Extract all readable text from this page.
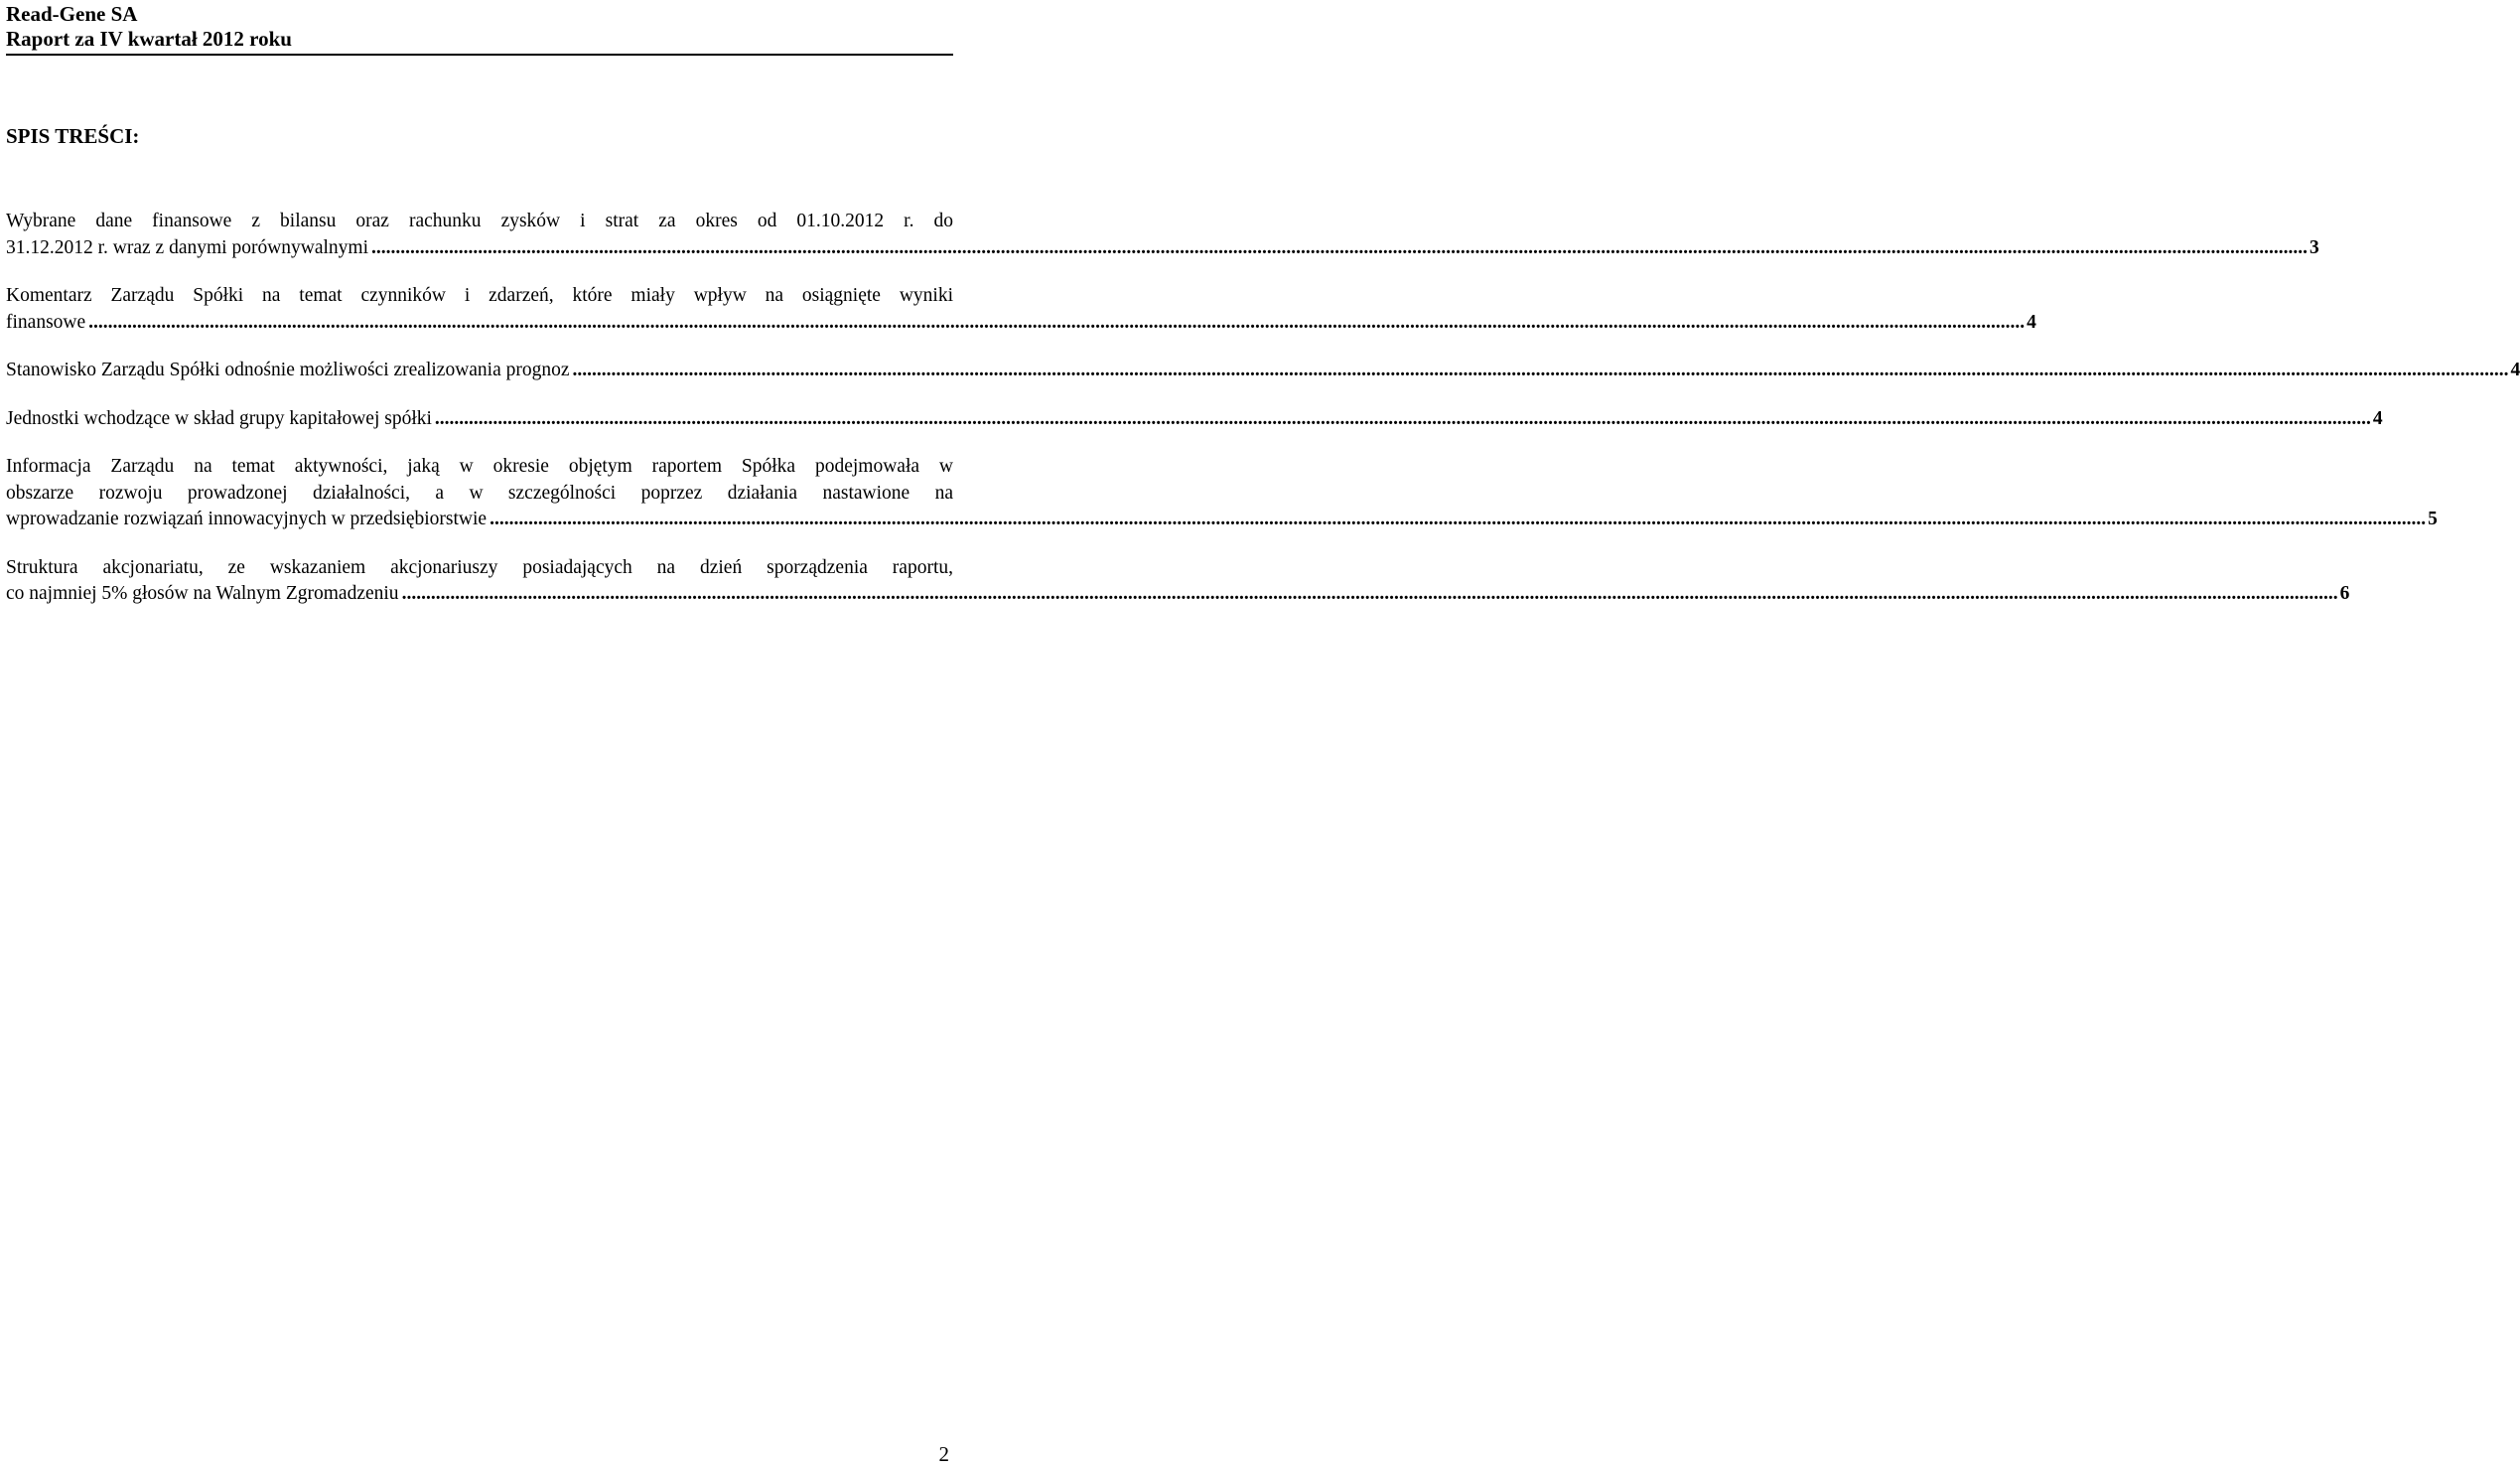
Read-Gene SA
Raport za IV kwartał 2012 roku
SPIS TREŚCI:
Wybrane dane finansowe z bilansu oraz rachunku zysków i strat za okres od 01.10.2012 r. do
31.12.2012 r. wraz z danymi porównywalnymi ................................................................................................................................................................................................................................................................................................................................................................................................................ 3
Komentarz Zarządu Spółki na temat czynników i zdarzeń, które miały wpływ na osiągnięte wyniki
finansowe ................................................................................................................................................................................................................................................................................................................................................................................................................ 4
Stanowisko Zarządu Spółki odnośnie możliwości zrealizowania prognoz ................................................................................................................................................................................................................................................................................................................................................................................................................ 4
Jednostki wchodzące w skład grupy kapitałowej spółki ................................................................................................................................................................................................................................................................................................................................................................................................................ 4
Informacja Zarządu na temat aktywności, jaką w okresie objętym raportem Spółka podejmowała w
obszarze rozwoju prowadzonej działalności, a w szczególności poprzez działania nastawione na
wprowadzanie rozwiązań innowacyjnych w przedsiębiorstwie ................................................................................................................................................................................................................................................................................................................................................................................................................ 5
Struktura akcjonariatu, ze wskazaniem akcjonariuszy posiadających na dzień sporządzenia raportu,
co najmniej 5% głosów na Walnym Zgromadzeniu ................................................................................................................................................................................................................................................................................................................................................................................................................ 6
2
